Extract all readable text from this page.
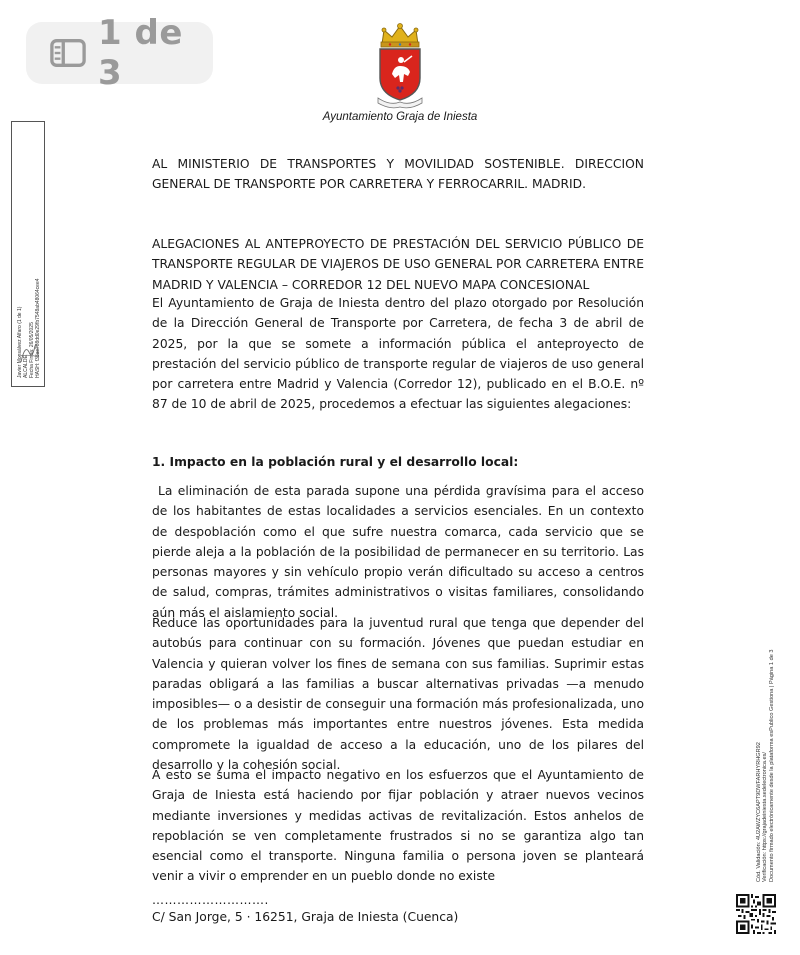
1 de 3
Ayuntamiento Graja de Iniesta
AL MINISTERIO DE TRANSPORTES Y MOVILIDAD SOSTENIBLE. DIRECCION GENERAL DE TRANSPORTE POR CARRETERA Y FERROCARRIL. MADRID.
ALEGACIONES AL ANTEPROYECTO DE PRESTACIÓN DEL SERVICIO PÚBLICO DE TRANSPORTE REGULAR DE VIAJEROS DE USO GENERAL POR CARRETERA ENTRE MADRID Y VALENCIA – CORREDOR 12 DEL NUEVO MAPA CONCESIONAL
El Ayuntamiento de Graja de Iniesta dentro del plazo otorgado por Resolución de la Dirección General de Transporte por Carretera, de fecha 3 de abril de 2025, por la que se somete a información pública el anteproyecto de prestación del servicio público de transporte regular de viajeros de uso general por carretera entre Madrid y Valencia (Corredor 12), publicado en el B.O.E. nº 87 de 10 de abril de 2025, procedemos a efectuar las siguientes alegaciones:
1. Impacto en la población rural y el desarrollo local:
La eliminación de esta parada supone una pérdida gravísima para el acceso de los habitantes de estas localidades a servicios esenciales. En un contexto de despoblación como el que sufre nuestra comarca, cada servicio que se pierde aleja a la población de la posibilidad de permanecer en su territorio. Las personas mayores y sin vehículo propio verán dificultado su acceso a centros de salud, compras, trámites administrativos o visitas familiares, consolidando aún más el aislamiento social.
Reduce las oportunidades para la juventud rural que tenga que depender del autobús para continuar con su formación. Jóvenes que puedan estudiar en Valencia y quieran volver los fines de semana con sus familias. Suprimir estas paradas obligará a las familias a buscar alternativas privadas —a menudo imposibles— o a desistir de conseguir una formación más profesionalizada, uno de los problemas más importantes entre nuestros jóvenes. Esta medida compromete la igualdad de acceso a la educación, uno de los pilares del desarrollo y la cohesión social.
A esto se suma el impacto negativo en los esfuerzos que el Ayuntamiento de Graja de Iniesta está haciendo por fijar población y atraer nuevos vecinos mediante inversiones y medidas activas de revitalización. Estos anhelos de repoblación se ven completamente frustrados si no se garantiza algo tan esencial como el transporte. Ninguna familia o persona joven se planteará venir a vivir o emprender en un pueblo donde no existe
……………………….
C/ San Jorge, 5 · 16251, Graja de Iniesta (Cuenca)
Javier Monsálvez Alfaro (1 de 1) ALCALDE Fecha Firma: 26/05/2025 HASH: f33ac708dd0e29fb7548ab48064cee4
Cód. Validación: 4U2AWZYC6APT9DWFARHYRHGR92 Verificación: https://grajadeiniesta.sedelectronica.es/ Documento firmado electrónicamente desde la plataforma esPublico Gestiona | Página 1 de 3
